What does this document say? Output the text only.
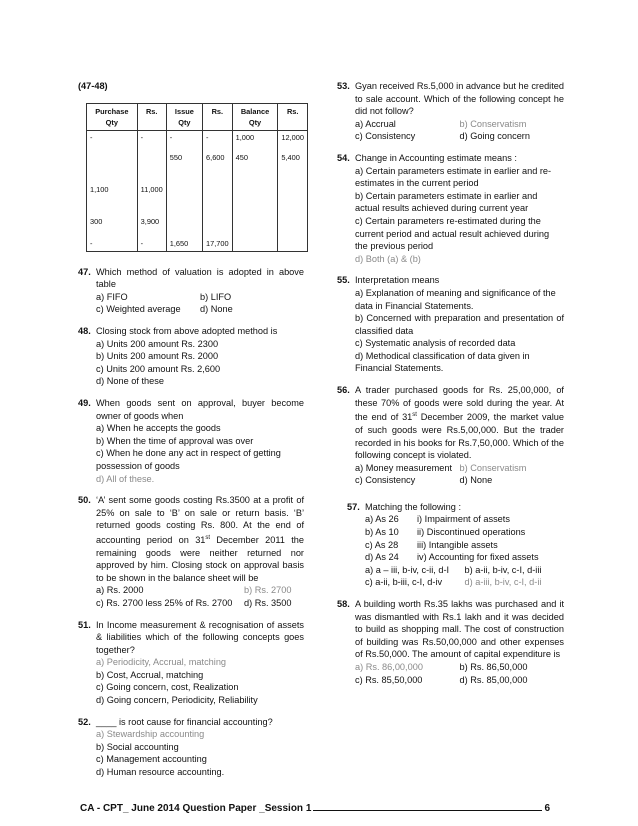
(47-48)
Purchase Qty	Rs.	Issue Qty	Rs.	Balance Qty	Rs.
-	-	-	-	1,000	12,000
		550	6,600	450	5,400
1,100	11,000				
300	3,900				
-	-	1,650	17,700		
47. Which method of valuation is adopted in above table
a) FIFO	b) LIFO
c) Weighted average	d) None
48. Closing stock from above adopted method is
a) Units 200 amount Rs. 2300
b) Units 200 amount Rs. 2000
c) Units 200 amount Rs. 2,600
d) None of these
49. When goods sent on approval, buyer become owner of goods when
a) When he accepts the goods
b) When the time of approval was over
c) When he done any act in respect of getting possession of goods
d) All of these.
50. ‘A’ sent some goods costing Rs.3500 at a profit of 25% on sale to ‘B’ on sale or return basis. ‘B’ returned goods costing Rs. 800. At the end of accounting period on 31st December 2011 the remaining goods were neither returned nor approved by him. Closing stock on approval basis to be shown in the balance sheet will be
a) Rs. 2000	b) Rs. 2700
c) Rs. 2700 less 25% of Rs. 2700	d) Rs. 3500
51. In Income measurement & recognisation of assets & liabilities which of the following concepts goes together?
a) Periodicity, Accrual, matching
b) Cost, Accrual, matching
c) Going concern, cost, Realization
d) Going concern, Periodicity, Reliability
52. ____ is root cause for financial accounting?
a) Stewardship accounting
b) Social accounting
c) Management accounting
d) Human resource accounting.
53. Gyan received Rs.5,000 in advance but he credited to sale account. Which of the following concept he did not follow?
a) Accrual	b) Conservatism
c) Consistency	d) Going concern
54. Change in Accounting estimate means :
a) Certain parameters estimate in earlier and re-estimates in the current period
b) Certain parameters estimate in earlier and actual results achieved during current year
c) Certain parameters re-estimated during the current period and actual result achieved during the previous period
d) Both (a) & (b)
55. Interpretation means
a) Explanation of meaning and significance of the data in Financial Statements.
b) Concerned with preparation and presentation of classified data
c) Systematic analysis of recorded data
d) Methodical classification of data given in Financial Statements.
56. A trader purchased goods for Rs. 25,00,000, of these 70% of goods were sold during the year. At the end of 31st December 2009, the market value of such goods were Rs.5,00,000. But the trader recorded in his books for Rs.7,50,000. Which of the following concept is violated.
a) Money measurement b) Conservatism
c) Consistency	d) None
57. Matching the following :
a) As 26	i) Impairment of assets
b) As 10	ii) Discontinued operations
c) As 28	iii) Intangible assets
d) As 24	iv) Accounting for fixed assets
a) a – iii, b-iv, c-ii, d-I	b) a-ii, b-iv, c-I, d-iii
c) a-ii, b-iii, c-I, d-iv	d) a-iii, b-iv, c-I, d-ii
58. A building worth Rs.35 lakhs was purchased and it was dismantled with Rs.1 lakh and it was decided to build as shopping mall. The cost of construction of building was Rs.50,00,000 and other expenses of Rs.50,000. The amount of capital expenditure is
a) Rs. 86,00,000	b) Rs. 86,50,000
c) Rs. 85,50,000	d) Rs. 85,00,000
CA - CPT_ June 2014 Question Paper _Session 1	6
